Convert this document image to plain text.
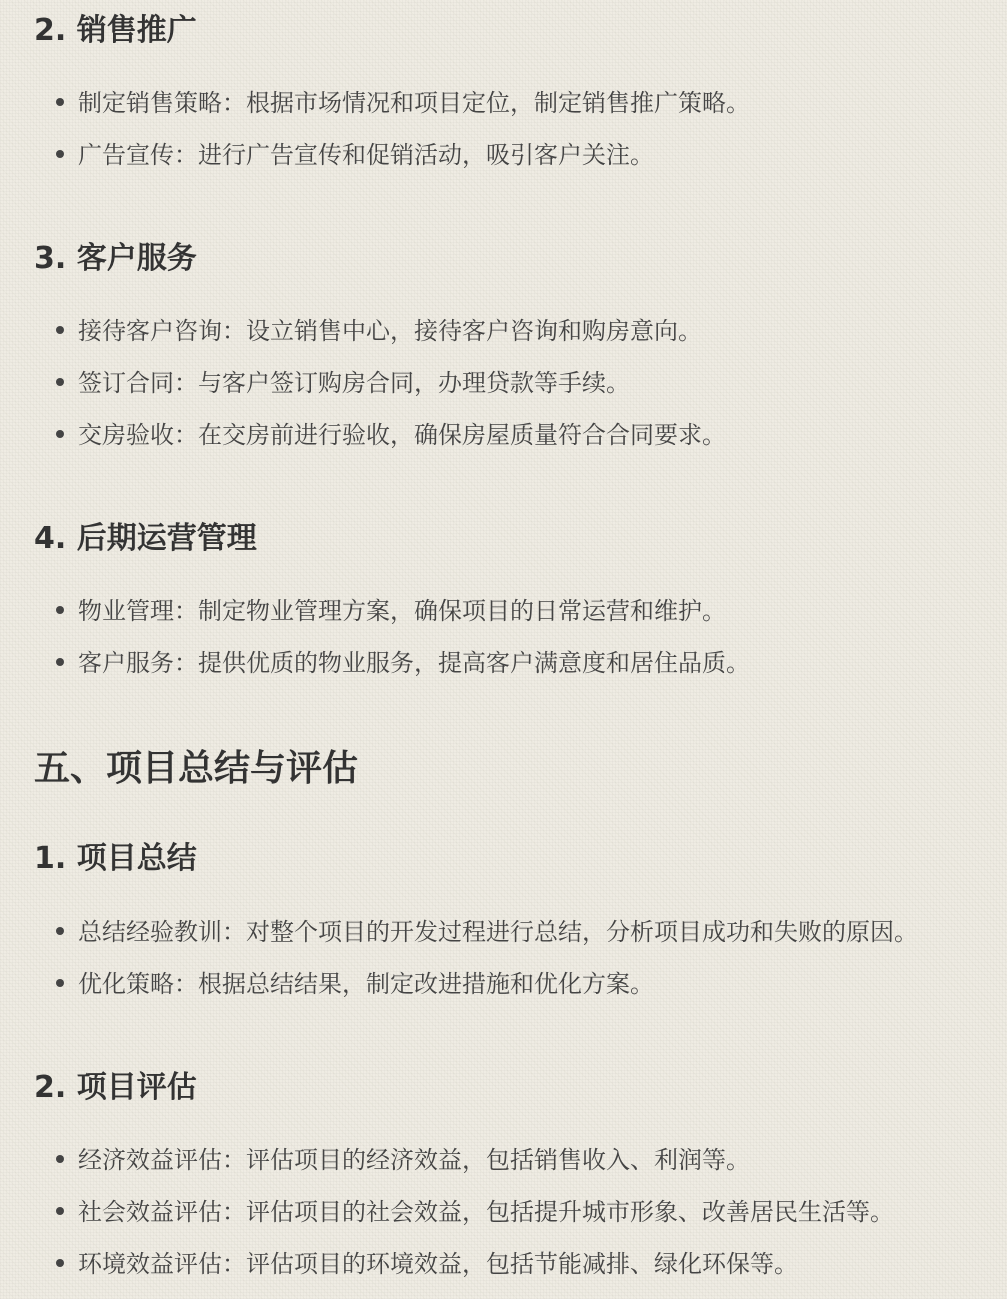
2. 销售推广

制定销售策略：根据市场情况和项目定位，制定销售推广策略。

广告宣传：进行广告宣传和促销活动，吸引客户关注。

3. 客户服务

接待客户咨询：设立销售中心，接待客户咨询和购房意向。

签订合同：与客户签订购房合同，办理贷款等手续。

交房验收：在交房前进行验收，确保房屋质量符合合同要求。

4. 后期运营管理

物业管理：制定物业管理方案，确保项目的日常运营和维护。

客户服务：提供优质的物业服务，提高客户满意度和居住品质。

五、项目总结与评估
1. 项目总结

总结经验教训：对整个项目的开发过程进行总结，分析项目成功和失败的原因。

优化策略：根据总结结果，制定改进措施和优化方案。

2. 项目评估

经济效益评估：评估项目的经济效益，包括销售收入、利润等。

社会效益评估：评估项目的社会效益，包括提升城市形象、改善居民生活等。

环境效益评估：评估项目的环境效益，包括节能减排、绿化环保等。
